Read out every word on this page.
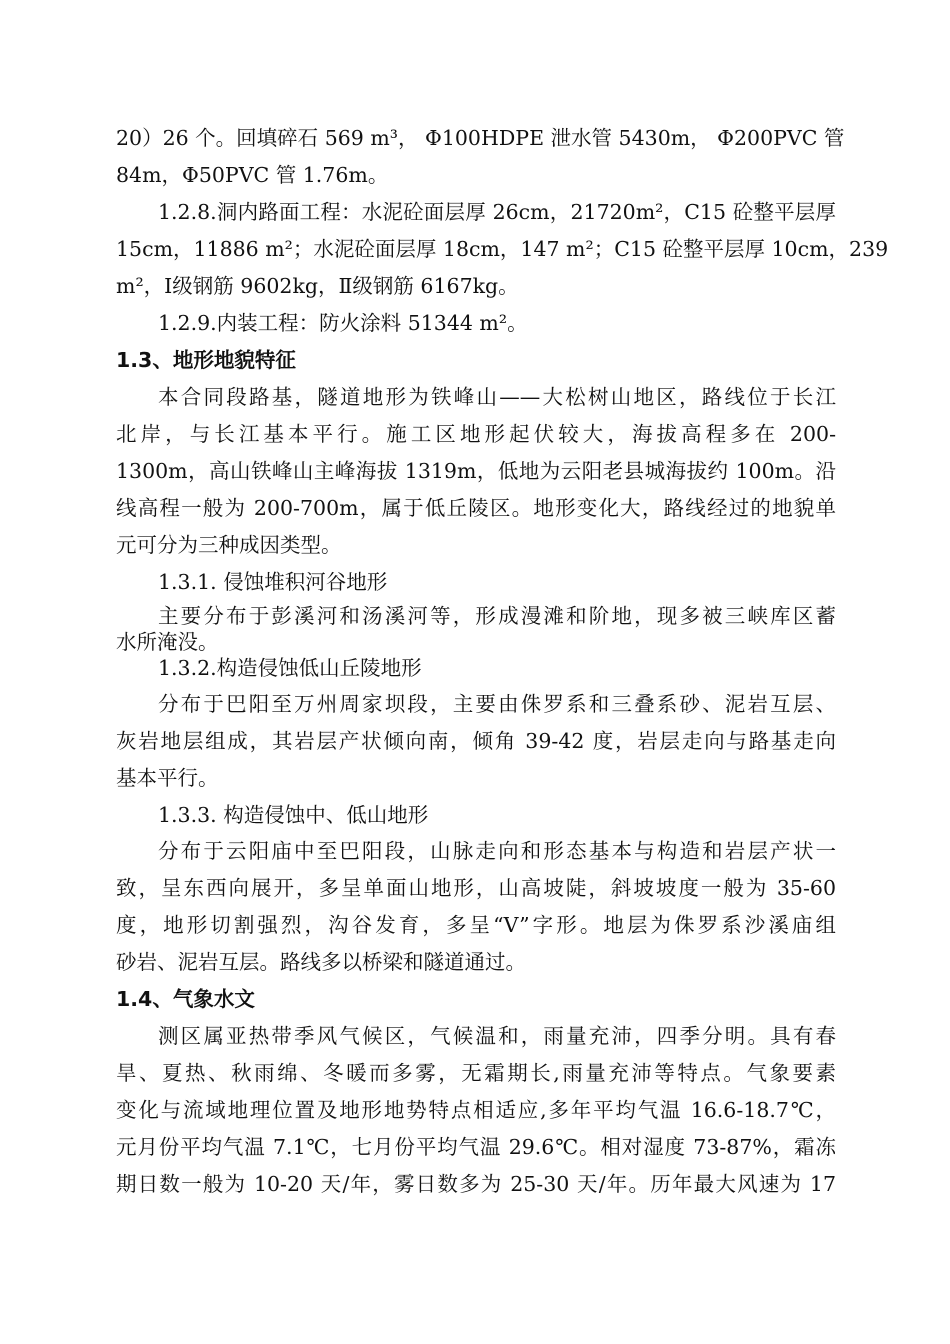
20）26 个。回填碎石 569 m³， Φ100HDPE 泄水管 5430m， Φ200PVC 管
84m，Φ50PVC 管 1.76m。
1.2.8.洞内路面工程：水泥砼面层厚 26cm，21720m²，C15 砼整平层厚
15cm，11886 m²；水泥砼面层厚 18cm，147 m²；C15 砼整平层厚 10cm，239
m²，Ⅰ级钢筋 9602kg，Ⅱ级钢筋 6167kg。
1.2.9.内装工程：防火涂料 51344 m²。
1.3、地形地貌特征
本合同段路基，隧道地形为铁峰山——大松树山地区，路线位于长江
北岸，与长江基本平行。施工区地形起伏较大，海拔高程多在 200-
1300m，高山铁峰山主峰海拔 1319m，低地为云阳老县城海拔约 100m。沿
线高程一般为 200-700m，属于低丘陵区。地形变化大，路线经过的地貌单
元可分为三种成因类型。
1.3.1. 侵蚀堆积河谷地形
主要分布于彭溪河和汤溪河等，形成漫滩和阶地，现多被三峡库区蓄
水所淹没。
1.3.2.构造侵蚀低山丘陵地形
分布于巴阳至万州周家坝段，主要由侏罗系和三叠系砂、泥岩互层、
灰岩地层组成，其岩层产状倾向南，倾角 39-42 度，岩层走向与路基走向
基本平行。
1.3.3. 构造侵蚀中、低山地形
分布于云阳庙中至巴阳段，山脉走向和形态基本与构造和岩层产状一
致，呈东西向展开，多呈单面山地形，山高坡陡，斜坡坡度一般为 35-60
度，地形切割强烈，沟谷发育，多呈“V”字形。地层为侏罗系沙溪庙组
砂岩、泥岩互层。路线多以桥梁和隧道通过。
1.4、气象水文
测区属亚热带季风气候区，气候温和，雨量充沛，四季分明。具有春
旱、夏热、秋雨绵、冬暖而多雾，无霜期长,雨量充沛等特点。气象要素
变化与流域地理位置及地形地势特点相适应,多年平均气温 16.6-18.7℃，
元月份平均气温 7.1℃，七月份平均气温 29.6℃。相对湿度 73-87%，霜冻
期日数一般为 10-20 天/年，雾日数多为 25-30 天/年。历年最大风速为 17
